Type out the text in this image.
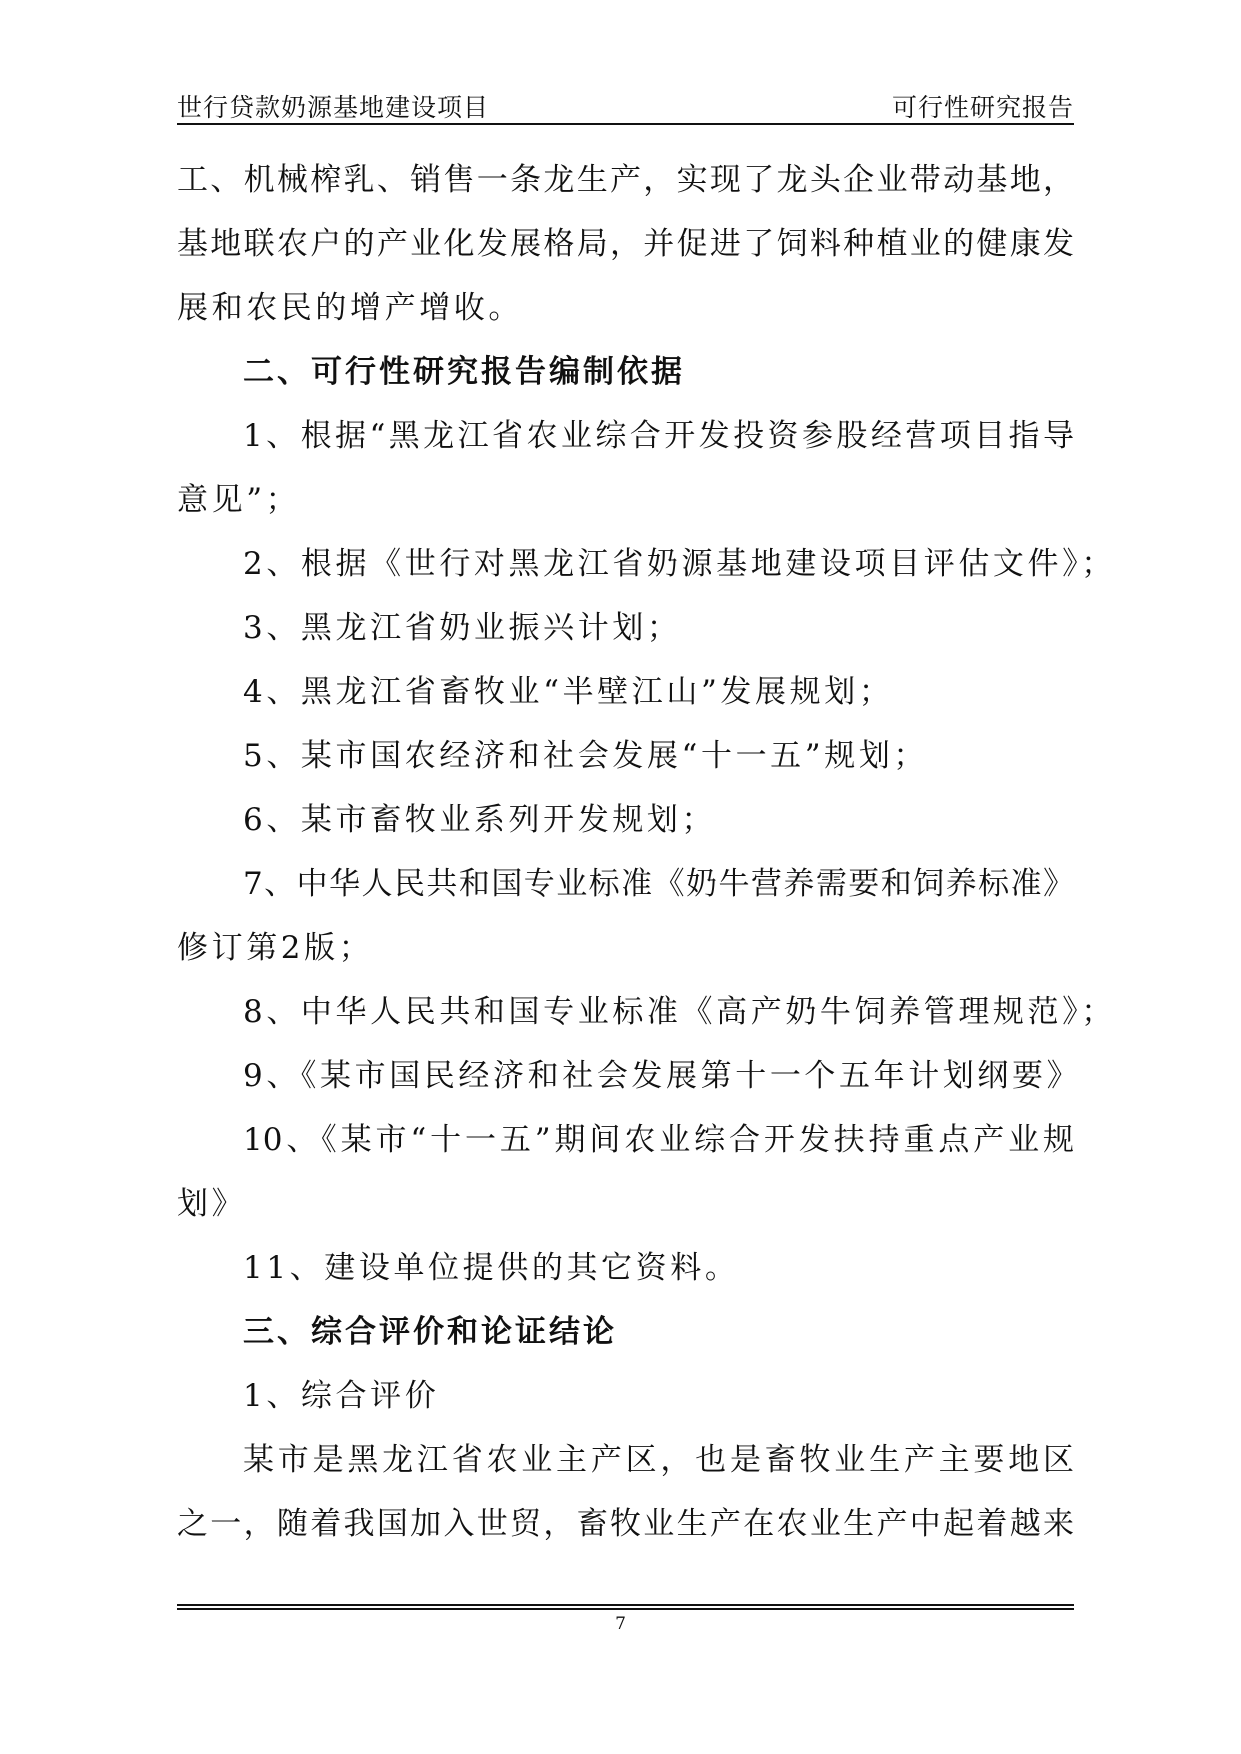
世行贷款奶源基地建设项目	可行性研究报告
工、机械榨乳、销售一条龙生产，实现了龙头企业带动基地，
基地联农户的产业化发展格局，并促进了饲料种植业的健康发
展和农民的增产增收。
二、可行性研究报告编制依据
1、根据“黑龙江省农业综合开发投资参股经营项目指导
意见”；
2、根据《世行对黑龙江省奶源基地建设项目评估文件》；
3、黑龙江省奶业振兴计划；
4、黑龙江省畜牧业“半壁江山”发展规划；
5、某市国农经济和社会发展“十一五”规划；
6、某市畜牧业系列开发规划；
7、中华人民共和国专业标准《奶牛营养需要和饲养标准》
修订第2版；
8、中华人民共和国专业标准《高产奶牛饲养管理规范》；
9、《某市国民经济和社会发展第十一个五年计划纲要》
10、《某市“十一五”期间农业综合开发扶持重点产业规
划》
11、建设单位提供的其它资料。
三、综合评价和论证结论
1、综合评价
某市是黑龙江省农业主产区，也是畜牧业生产主要地区
之一，随着我国加入世贸，畜牧业生产在农业生产中起着越来
7
